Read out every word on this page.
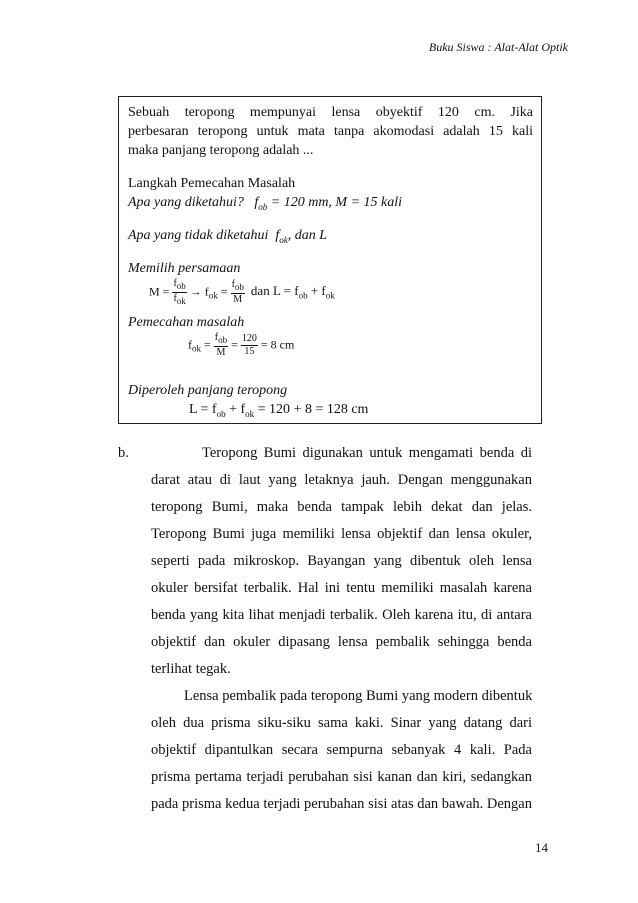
Buku Siswa : Alat-Alat Optik
Sebuah teropong mempunyai lensa obyektif 120 cm. Jika
perbesaran teropong untuk mata tanpa akomodasi adalah 15 kali
maka panjang teropong adalah ...
Langkah Pemecahan Masalah
Apa yang diketahui? $f_{ob} = 120$ mm, M = 15 kali
Apa yang tidak diketahui $f_{ok}$, dan L
Memilih persamaan
$M = \frac{f_{ob}}{f_{ok}} \to f_{ok} = \frac{f_{ob}}{M}$ dan $L = f_{ob} + f_{ok}$
Pemecahan masalah
$f_{ok} = \frac{f_{ob}}{M} = \frac{120}{15} = 8$ cm
Diperoleh panjang teropong
$L = f_{ob} + f_{ok} = 120 + 8 = 128$ cm
b.	Teropong Bumi digunakan untuk mengamati benda di
darat atau di laut yang letaknya jauh. Dengan menggunakan
teropong Bumi, maka benda tampak lebih dekat dan jelas.
Teropong Bumi juga memiliki lensa objektif dan lensa okuler,
seperti pada mikroskop. Bayangan yang dibentuk oleh lensa
okuler bersifat terbalik. Hal ini tentu memiliki masalah karena
benda yang kita lihat menjadi terbalik. Oleh karena itu, di antara
objektif dan okuler dipasang lensa pembalik sehingga benda
terlihat tegak.
Lensa pembalik pada teropong Bumi yang modern dibentuk
oleh dua prisma siku-siku sama kaki. Sinar yang datang dari
objektif dipantulkan secara sempurna sebanyak 4 kali. Pada
prisma pertama terjadi perubahan sisi kanan dan kiri, sedangkan
pada prisma kedua terjadi perubahan sisi atas dan bawah. Dengan
14
